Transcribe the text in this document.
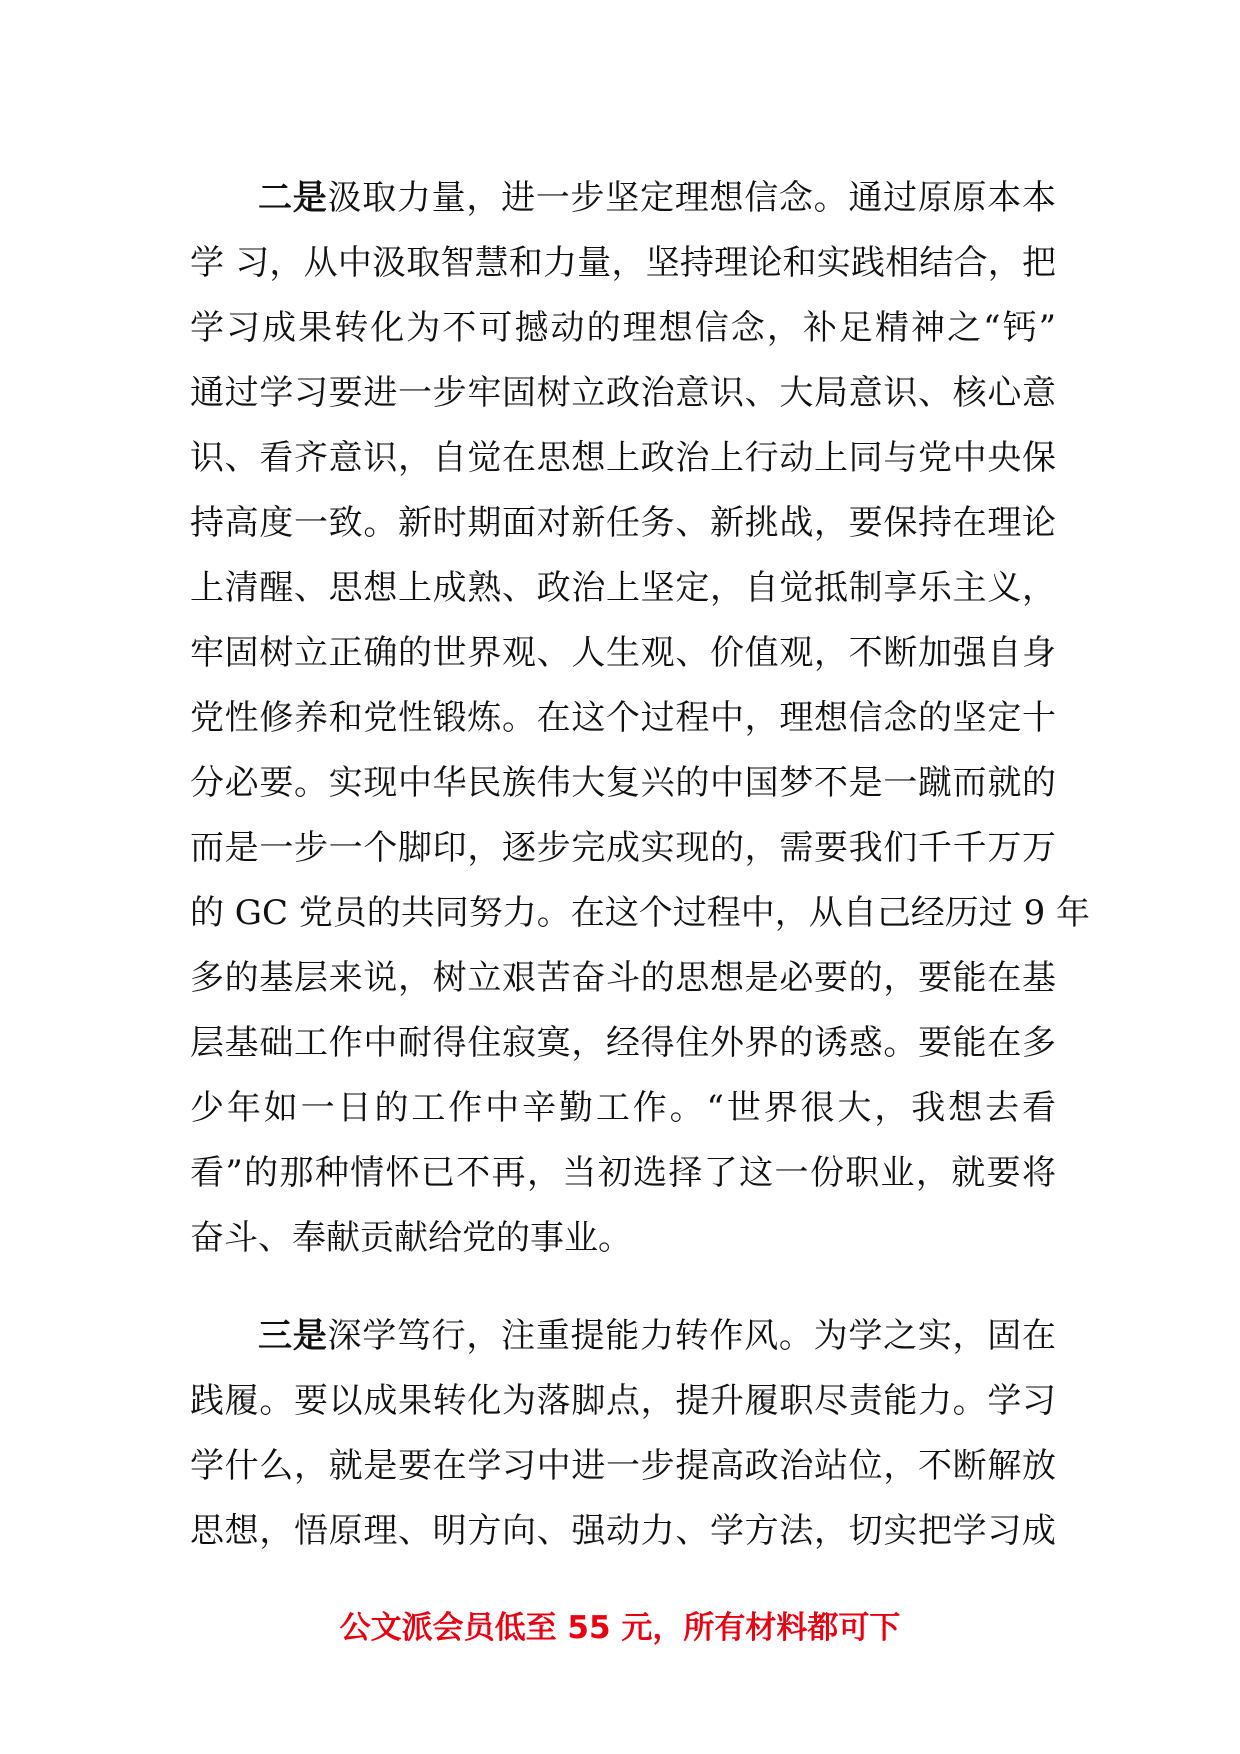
二是汲取力量，进一步坚定理想信念。通过原原本本
学 习，从中汲取智慧和力量，坚持理论和实践相结合，把
学习成果转化为不可撼动的理想信念，补足精神之“钙”
通过学习要进一步牢固树立政治意识、大局意识、核心意
识、看齐意识，自觉在思想上政治上行动上同与党中央保
持高度一致。新时期面对新任务、新挑战，要保持在理论
上清醒、思想上成熟、政治上坚定，自觉抵制享乐主义，
牢固树立正确的世界观、人生观、价值观，不断加强自身
党性修养和党性锻炼。在这个过程中，理想信念的坚定十
分必要。实现中华民族伟大复兴的中国梦不是一蹴而就的
而是一步一个脚印，逐步完成实现的，需要我们千千万万
的 GC 党员的共同努力。在这个过程中，从自己经历过 9 年
多的基层来说，树立艰苦奋斗的思想是必要的，要能在基
层基础工作中耐得住寂寞，经得住外界的诱惑。要能在多
少年如一日的工作中辛勤工作。“世界很大，我想去看
看”的那种情怀已不再，当初选择了这一份职业，就要将
奋斗、奉献贡献给党的事业。
三是深学笃行，注重提能力转作风。为学之实，固在
践履。要以成果转化为落脚点，提升履职尽责能力。学习
学什么，就是要在学习中进一步提高政治站位，不断解放
思想，悟原理、明方向、强动力、学方法，切实把学习成
公文派会员低至 55 元，所有材料都可下
